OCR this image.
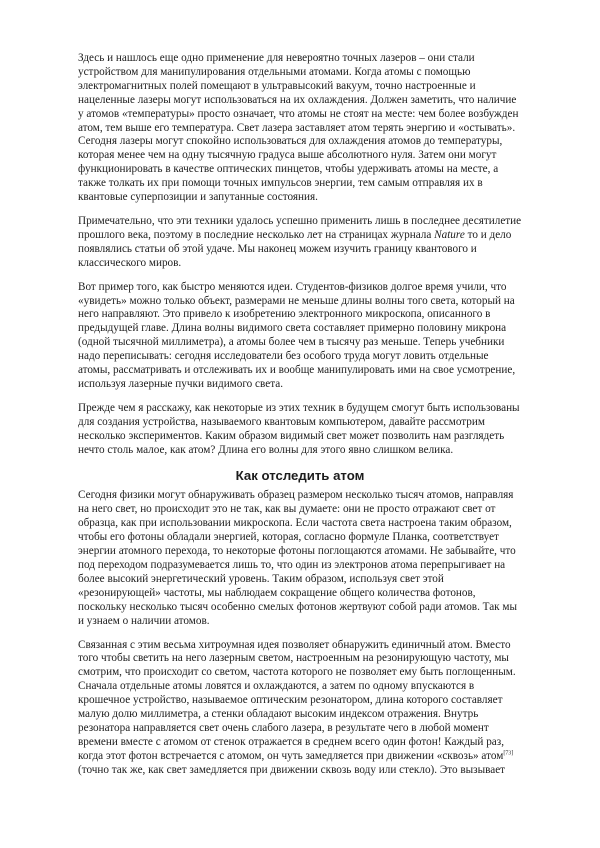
Здесь и нашлось еще одно применение для невероятно точных лазеров – они стали устройством для манипулирования отдельными атомами. Когда атомы с помощью электромагнитных полей помещают в ультравысокий вакуум, точно настроенные и нацеленные лазеры могут использоваться на их охлаждения. Должен заметить, что наличие у атомов «температуры» просто означает, что атомы не стоят на месте: чем более возбужден атом, тем выше его температура. Свет лазера заставляет атом терять энергию и «остывать». Сегодня лазеры могут спокойно использоваться для охлаждения атомов до температуры, которая менее чем на одну тысячную градуса выше абсолютного нуля. Затем они могут функционировать в качестве оптических пинцетов, чтобы удерживать атомы на месте, а также толкать их при помощи точных импульсов энергии, тем самым отправляя их в квантовые суперпозиции и запутанные состояния.

Примечательно, что эти техники удалось успешно применить лишь в последнее десятилетие прошлого века, поэтому в последние несколько лет на страницах журнала Nature то и дело появлялись статьи об этой удаче. Мы наконец можем изучить границу квантового и классического миров.

Вот пример того, как быстро меняются идеи. Студентов-физиков долгое время учили, что «увидеть» можно только объект, размерами не меньше длины волны того света, который на него направляют. Это привело к изобретению электронного микроскопа, описанного в предыдущей главе. Длина волны видимого света составляет примерно половину микрона (одной тысячной миллиметра), а атомы более чем в тысячу раз меньше. Теперь учебники надо переписывать: сегодня исследователи без особого труда могут ловить отдельные атомы, рассматривать и отслеживать их и вообще манипулировать ими на свое усмотрение, используя лазерные пучки видимого света.

Прежде чем я расскажу, как некоторые из этих техник в будущем смогут быть использованы для создания устройства, называемого квантовым компьютером, давайте рассмотрим несколько экспериментов. Каким образом видимый свет может позволить нам разглядеть нечто столь малое, как атом? Длина его волны для этого явно слишком велика.

Как отследить атом

Сегодня физики могут обнаруживать образец размером несколько тысяч атомов, направляя на него свет, но происходит это не так, как вы думаете: они не просто отражают свет от образца, как при использовании микроскопа. Если частота света настроена таким образом, чтобы его фотоны обладали энергией, которая, согласно формуле Планка, соответствует энергии атомного перехода, то некоторые фотоны поглощаются атомами. Не забывайте, что под переходом подразумевается лишь то, что один из электронов атома перепрыгивает на более высокий энергетический уровень. Таким образом, используя свет этой «резонирующей» частоты, мы наблюдаем сокращение общего количества фотонов, поскольку несколько тысяч особенно смелых фотонов жертвуют собой ради атомов. Так мы и узнаем о наличии атомов.

Связанная с этим весьма хитроумная идея позволяет обнаружить единичный атом. Вместо того чтобы светить на него лазерным светом, настроенным на резонирующую частоту, мы смотрим, что происходит со светом, частота которого не позволяет ему быть поглощенным. Сначала отдельные атомы ловятся и охлаждаются, а затем по одному впускаются в крошечное устройство, называемое оптическим резонатором, длина которого составляет малую долю миллиметра, а стенки обладают высоким индексом отражения. Внутрь резонатора направляется свет очень слабого лазера, в результате чего в любой момент времени вместе с атомом от стенок отражается в среднем всего один фотон! Каждый раз, когда этот фотон встречается с атомом, он чуть замедляется при движении «сквозь» атом[73] (точно так же, как свет замедляется при движении сквозь воду или стекло). Это вызывает
